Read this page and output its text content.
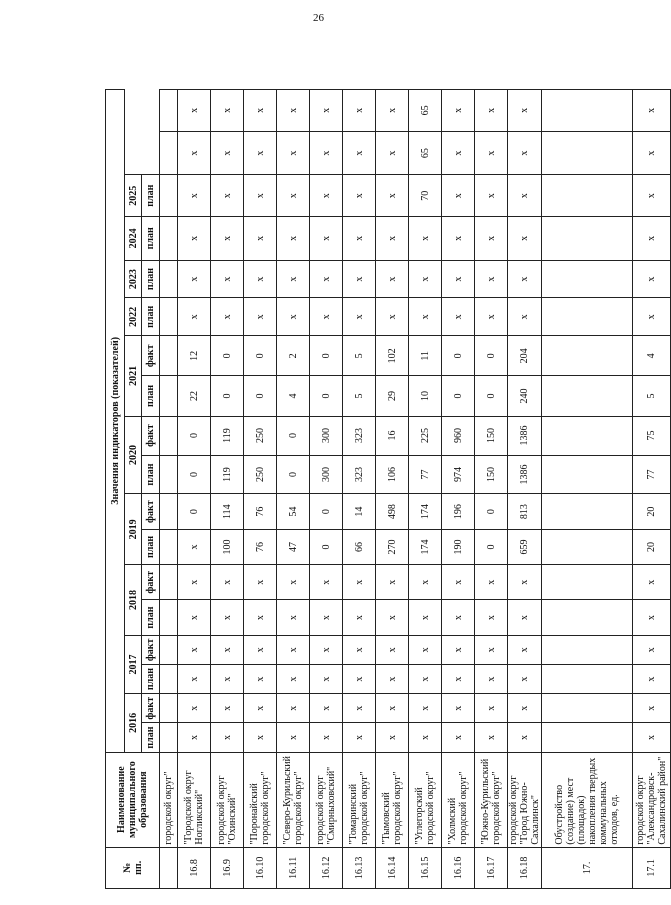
26
№
пп.	Наименование муниципального образования	Значения индикаторов (показателей)																	
		2016		2017		2018		2019		2020		2021		2022	2023	2024	2025		
		план	факт	план	факт	план	факт	план	факт	план	факт	план	факт	план	план	план	план		
	городской округ"																		
16.8	"Городской округ Ногликский"	x	x	x	x	x	x	x	0	0	0	22	12	x	x	x	x	x	x
16.9	городской округ "Охинский"	x	x	x	x	x	x	100	114	119	119	0	0	x	x	x	x	x	x
16.10	"Поронайский городской округ"	x	x	x	x	x	x	76	76	250	250	0	0	x	x	x	x	x	x
16.11	"Северо-Курильский городской округ"	x	x	x	x	x	x	47	54	0	0	4	2	x	x	x	x	x	x
16.12	городской округ "Смирныховский"	x	x	x	x	x	x	0	0	300	300	0	0	x	x	x	x	x	x
16.13	"Томаринский городской округ"	x	x	x	x	x	x	66	14	323	323	5	5	x	x	x	x	x	x
16.14	"Тымовский городской округ"	x	x	x	x	x	x	270	498	106	16	29	102	x	x	x	x	x	x
16.15	"Углегорский городской округ"	x	x	x	x	x	x	174	174	77	225	10	11	x	x	x	70	65	65
16.16	"Холмский городской округ"	x	x	x	x	x	x	190	196	974	960	0	0	x	x	x	x	x	x
16.17	"Южно-Курильский городской округ"	x	x	x	x	x	x	0	0	150	150	0	0	x	x	x	x	x	x
16.18	городской округ "Город Южно-Сахалинск"	x	x	x	x	x	x	659	813	1386	1386	240	204	x	x	x	x	x	x
17.	Обустройство (создание) мест (площадок) накопления твердых коммунальных отходов, ед.																		
17.1	городской округ "Александровск-Сахалинский район"	x	x	x	x	x	x	20	20	77	75	5	4	x	x	x	x	x	x
